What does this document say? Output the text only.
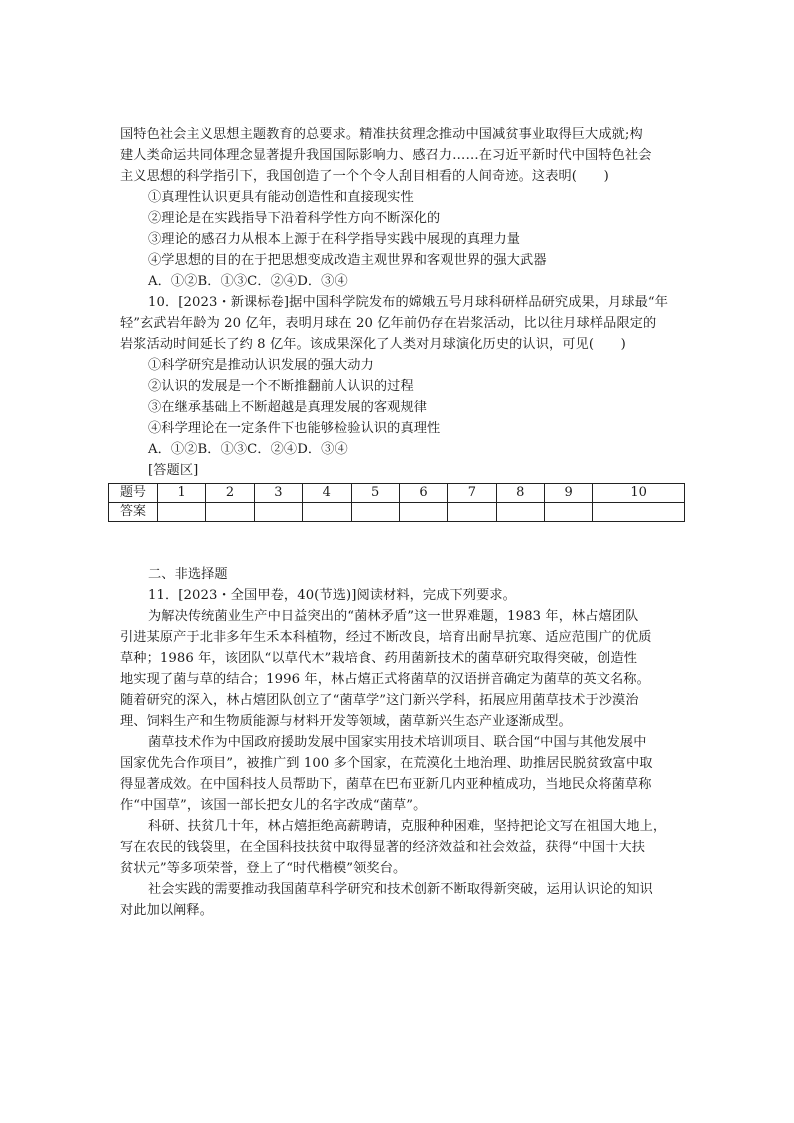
国特色社会主义思想主题教育的总要求。精准扶贫理念推动中国减贫事业取得巨大成就;构
建人类命运共同体理念显著提升我国国际影响力、感召力……在习近平新时代中国特色社会
主义思想的科学指引下，我国创造了一个个令人刮目相看的人间奇迹。这表明(　　)
①真理性认识更具有能动创造性和直接现实性
②理论是在实践指导下沿着科学性方向不断深化的
③理论的感召力从根本上源于在科学指导实践中展现的真理力量
④学思想的目的在于把思想变成改造主观世界和客观世界的强大武器
A．①②B．①③C．②④D．③④
10．[2023・新课标卷]据中国科学院发布的嫦娥五号月球科研样品研究成果，月球最“年
轻”玄武岩年龄为 20 亿年，表明月球在 20 亿年前仍存在岩浆活动，比以往月球样品限定的
岩浆活动时间延长了约 8 亿年。该成果深化了人类对月球演化历史的认识，可见(　　)
①科学研究是推动认识发展的强大动力
②认识的发展是一个不断推翻前人认识的过程
③在继承基础上不断超越是真理发展的客观规律
④科学理论在一定条件下也能够检验认识的真理性
A．①②B．①③C．②④D．③④
[答题区]
题号	1	2	3	4	5	6	7	8	9	10
答案										
二、非选择题
11．[2023・全国甲卷，40(节选)]阅读材料，完成下列要求。
为解决传统菌业生产中日益突出的“菌林矛盾”这一世界难题，1983 年，林占熺团队
引进某原产于北非多年生禾本科植物，经过不断改良，培育出耐旱抗寒、适应范围广的优质
草种；1986 年，该团队“以草代木”栽培食、药用菌新技术的菌草研究取得突破，创造性
地实现了菌与草的结合；1996 年，林占熺正式将菌草的汉语拼音确定为菌草的英文名称。
随着研究的深入，林占熺团队创立了“菌草学”这门新兴学科，拓展应用菌草技术于沙漠治
理、饲料生产和生物质能源与材料开发等领域，菌草新兴生态产业逐渐成型。
菌草技术作为中国政府援助发展中国家实用技术培训项目、联合国“中国与其他发展中
国家优先合作项目”，被推广到 100 多个国家，在荒漠化土地治理、助推居民脱贫致富中取
得显著成效。在中国科技人员帮助下，菌草在巴布亚新几内亚种植成功，当地民众将菌草称
作“中国草”，该国一部长把女儿的名字改成“菌草”。
科研、扶贫几十年，林占熺拒绝高薪聘请，克服种种困难，坚持把论文写在祖国大地上，
写在农民的钱袋里，在全国科技扶贫中取得显著的经济效益和社会效益，获得“中国十大扶
贫状元”等多项荣誉，登上了“时代楷模”领奖台。
社会实践的需要推动我国菌草科学研究和技术创新不断取得新突破，运用认识论的知识
对此加以阐释。
